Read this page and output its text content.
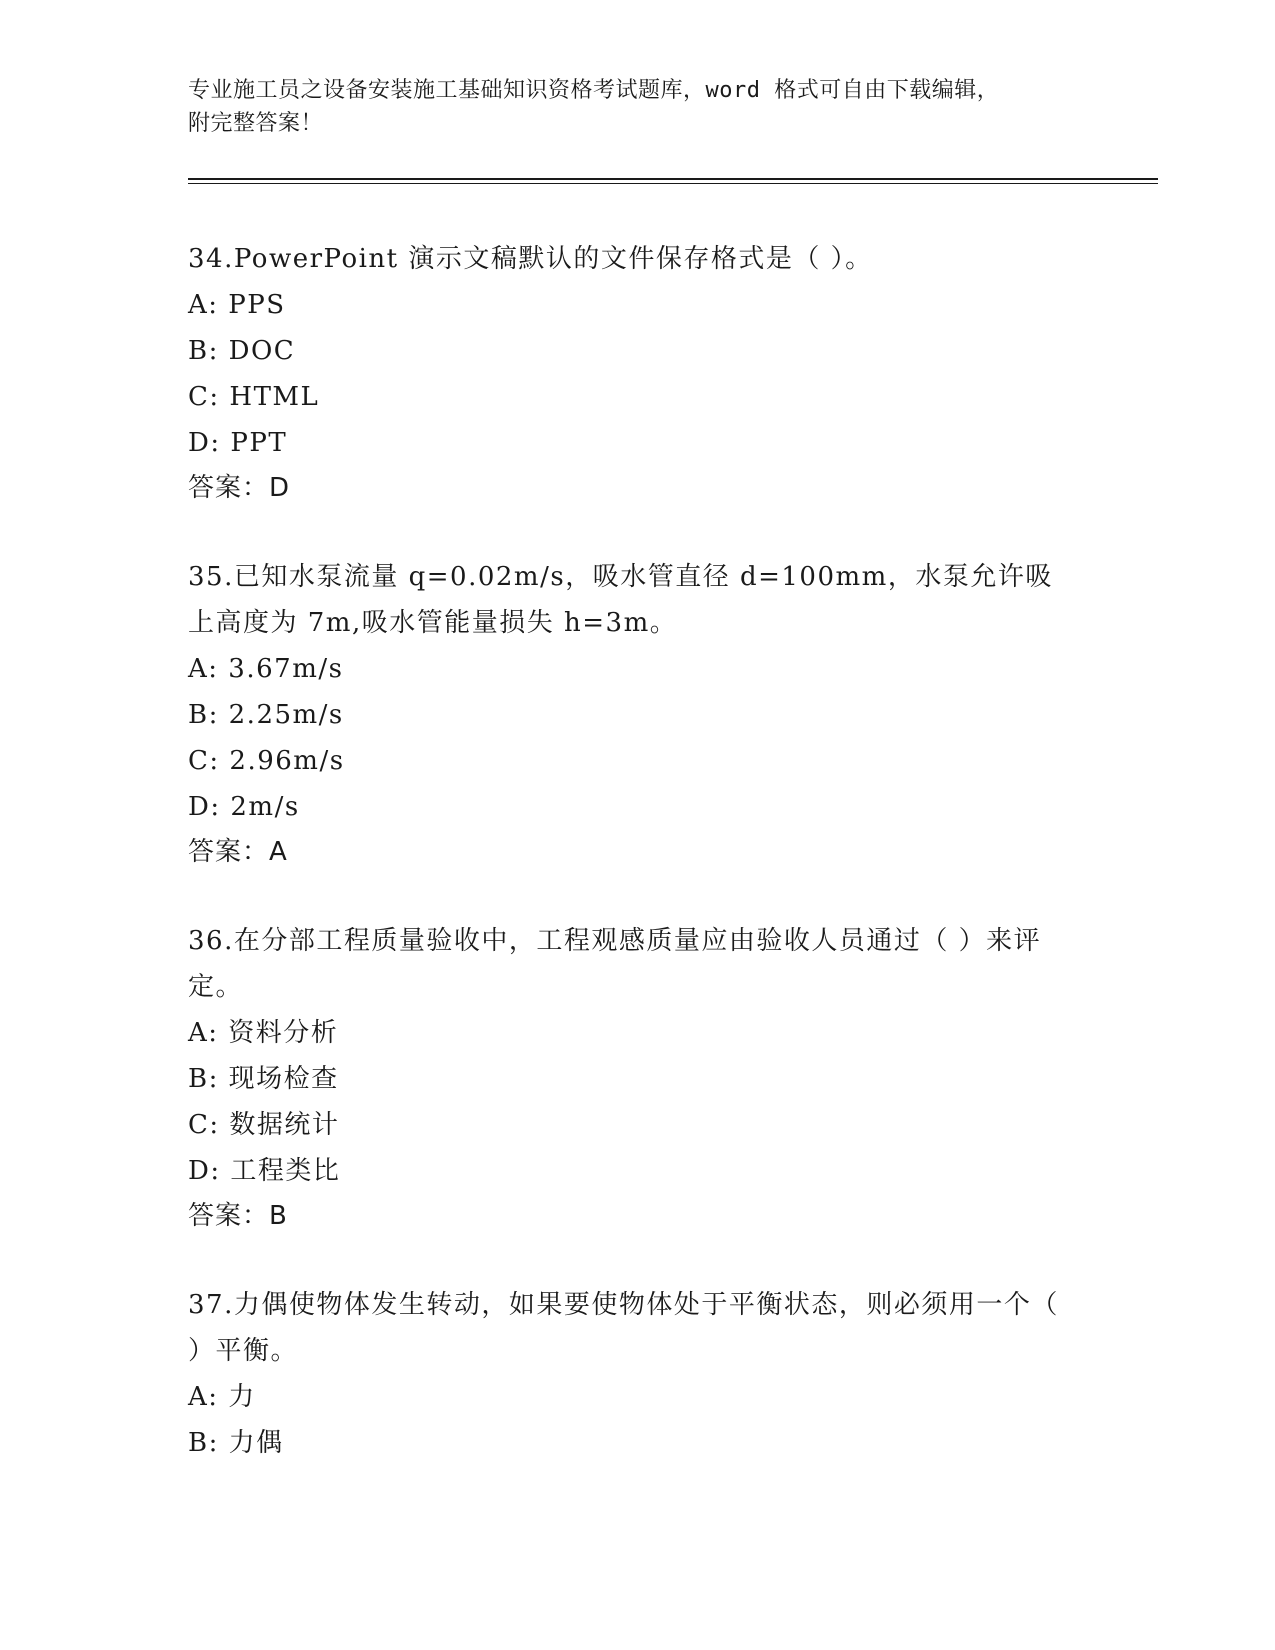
专业施工员之设备安装施工基础知识资格考试题库，word 格式可自由下载编辑，
附完整答案！

34.PowerPoint 演示文稿默认的文件保存格式是（ ）。

A: PPS

B: DOC

C: HTML

D: PPT

答案：D

35.已知水泵流量 q=0.02m/s，吸水管直径 d=100mm，水泵允许吸上高度为 7m,吸水管能量损失 h=3m。

A: 3.67m/s

B: 2.25m/s

C: 2.96m/s

D: 2m/s

答案：A

36.在分部工程质量验收中，工程观感质量应由验收人员通过（ ）来评定。

A: 资料分析

B: 现场检查

C: 数据统计

D: 工程类比

答案：B

37.力偶使物体发生转动，如果要使物体处于平衡状态，则必须用一个（ ）平衡。

A: 力

B: 力偶
